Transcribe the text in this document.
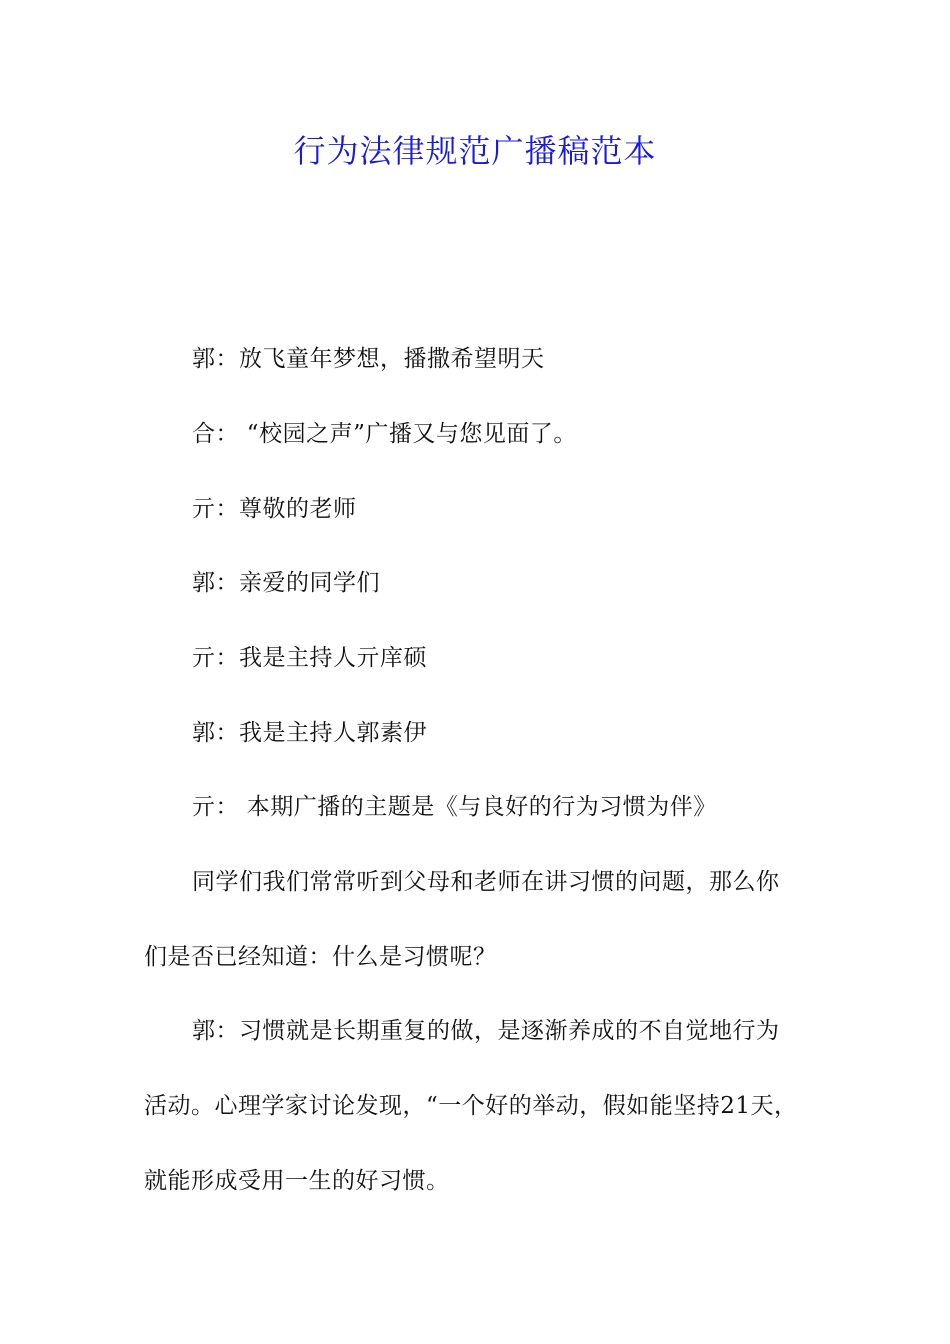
行为法律规范广播稿范本
郭：放飞童年梦想，播撒希望明天
合： “校园之声”广播又与您见面了。
亓：尊敬的老师
郭：亲爱的同学们
亓：我是主持人亓庠硕
郭：我是主持人郭素伊
亓： 本期广播的主题是《与良好的行为习惯为伴》
同学们我们常常听到父母和老师在讲习惯的问题，那么你
们是否已经知道：什么是习惯呢？
郭：习惯就是长期重复的做，是逐渐养成的不自觉地行为
活动。心理学家讨论发现，“一个好的举动，假如能坚持21天，
就能形成受用一生的好习惯。
